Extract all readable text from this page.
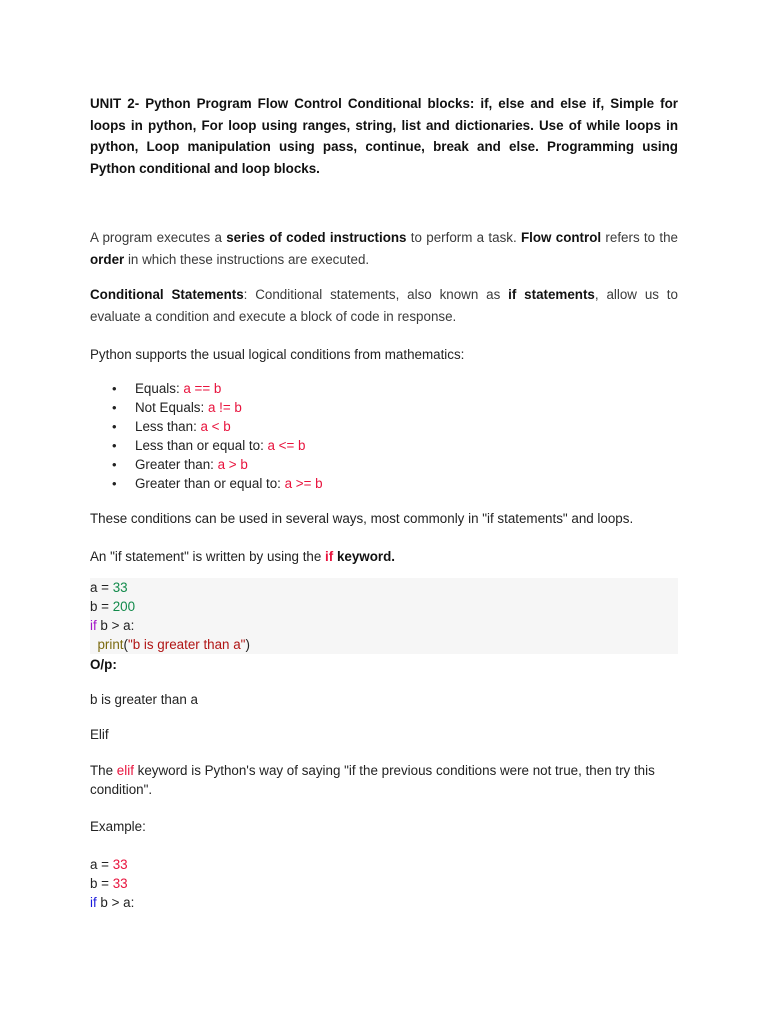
UNIT 2- Python Program Flow Control Conditional blocks: if, else and else if, Simple for loops in python, For loop using ranges, string, list and dictionaries. Use of while loops in python, Loop manipulation using pass, continue, break and else. Programming using Python conditional and loop blocks.

A program executes a series of coded instructions to perform a task. Flow control refers to the order in which these instructions are executed.

Conditional Statements: Conditional statements, also known as if statements, allow us to evaluate a condition and execute a block of code in response.

Python supports the usual logical conditions from mathematics:

• Equals: a == b
• Not Equals: a != b
• Less than: a < b
• Less than or equal to: a <= b
• Greater than: a > b
• Greater than or equal to: a >= b

These conditions can be used in several ways, most commonly in "if statements" and loops.

An "if statement" is written by using the if keyword.

a = 33
b = 200
if b > a:
print("b is greater than a")

O/p:

b is greater than a

Elif

The elif keyword is Python's way of saying "if the previous conditions were not true, then try this condition".

Example:

a = 33
b = 33
if b > a:
